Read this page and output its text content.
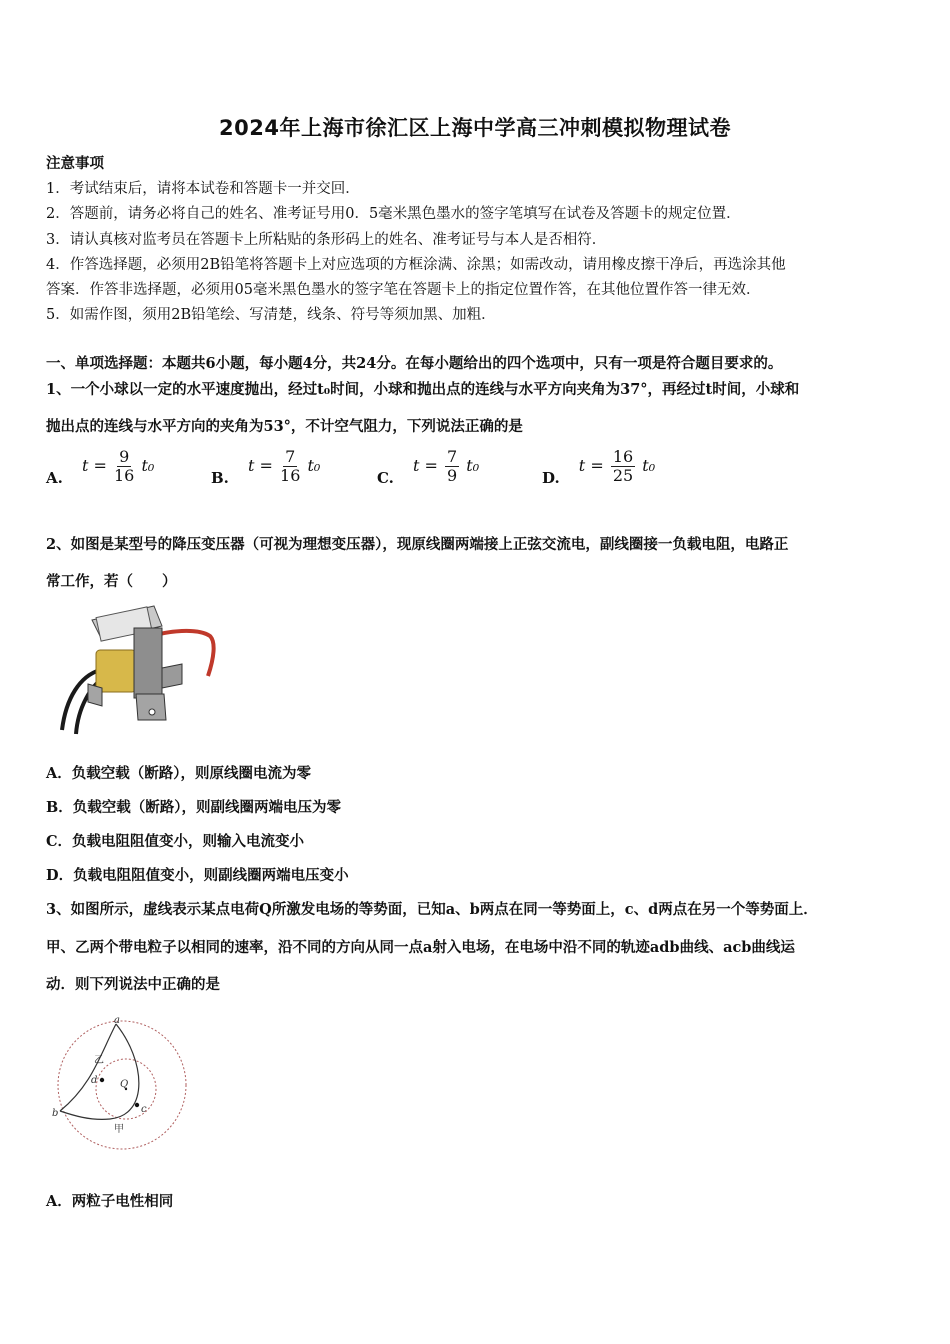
2024年上海市徐汇区上海中学高三冲刺模拟物理试卷
注意事项
1．考试结束后，请将本试卷和答题卡一并交回．
2．答题前，请务必将自己的姓名、准考证号用0．5毫米黑色墨水的签字笔填写在试卷及答题卡的规定位置．
3．请认真核对监考员在答题卡上所粘贴的条形码上的姓名、准考证号与本人是否相符．
4．作答选择题，必须用2B铅笔将答题卡上对应选项的方框涂满、涂黑；如需改动，请用橡皮擦干净后，再选涂其他
答案．作答非选择题，必须用05毫米黑色墨水的签字笔在答题卡上的指定位置作答，在其他位置作答一律无效．
5．如需作图，须用2B铅笔绘、写清楚，线条、符号等须加黑、加粗．
一、单项选择题：本题共6小题，每小题4分，共24分。在每小题给出的四个选项中，只有一项是符合题目要求的。
1、一个小球以一定的水平速度抛出，经过t₀时间，小球和抛出点的连线与水平方向夹角为37°，再经过t时间，小球和
抛出点的连线与水平方向的夹角为53°，不计空气阻力，下列说法正确的是
A. $t = \frac{9}{16} t_0$
B. $t = \frac{7}{16} t_0$
C. $t = \frac{7}{9} t_0$
D. $t = \frac{16}{25} t_0$
2、如图是某型号的降压变压器（可视为理想变压器），现原线圈两端接上正弦交流电，副线圈接一负载电阻，电路正
常工作，若（　　）
A．负载空载（断路），则原线圈电流为零
B．负载空载（断路），则副线圈两端电压为零
C．负载电阻阻值变小，则输入电流变小
D．负载电阻阻值变小，则副线圈两端电压变小
3、如图所示，虚线表示某点电荷Q所激发电场的等势面，已知a、b两点在同一等势面上，c、d两点在另一个等势面上．
甲、乙两个带电粒子以相同的速率，沿不同的方向从同一点a射入电场，在电场中沿不同的轨迹adb曲线、acb曲线运
动．则下列说法中正确的是
a
b	c
d Q
甲
乙
A．两粒子电性相同
